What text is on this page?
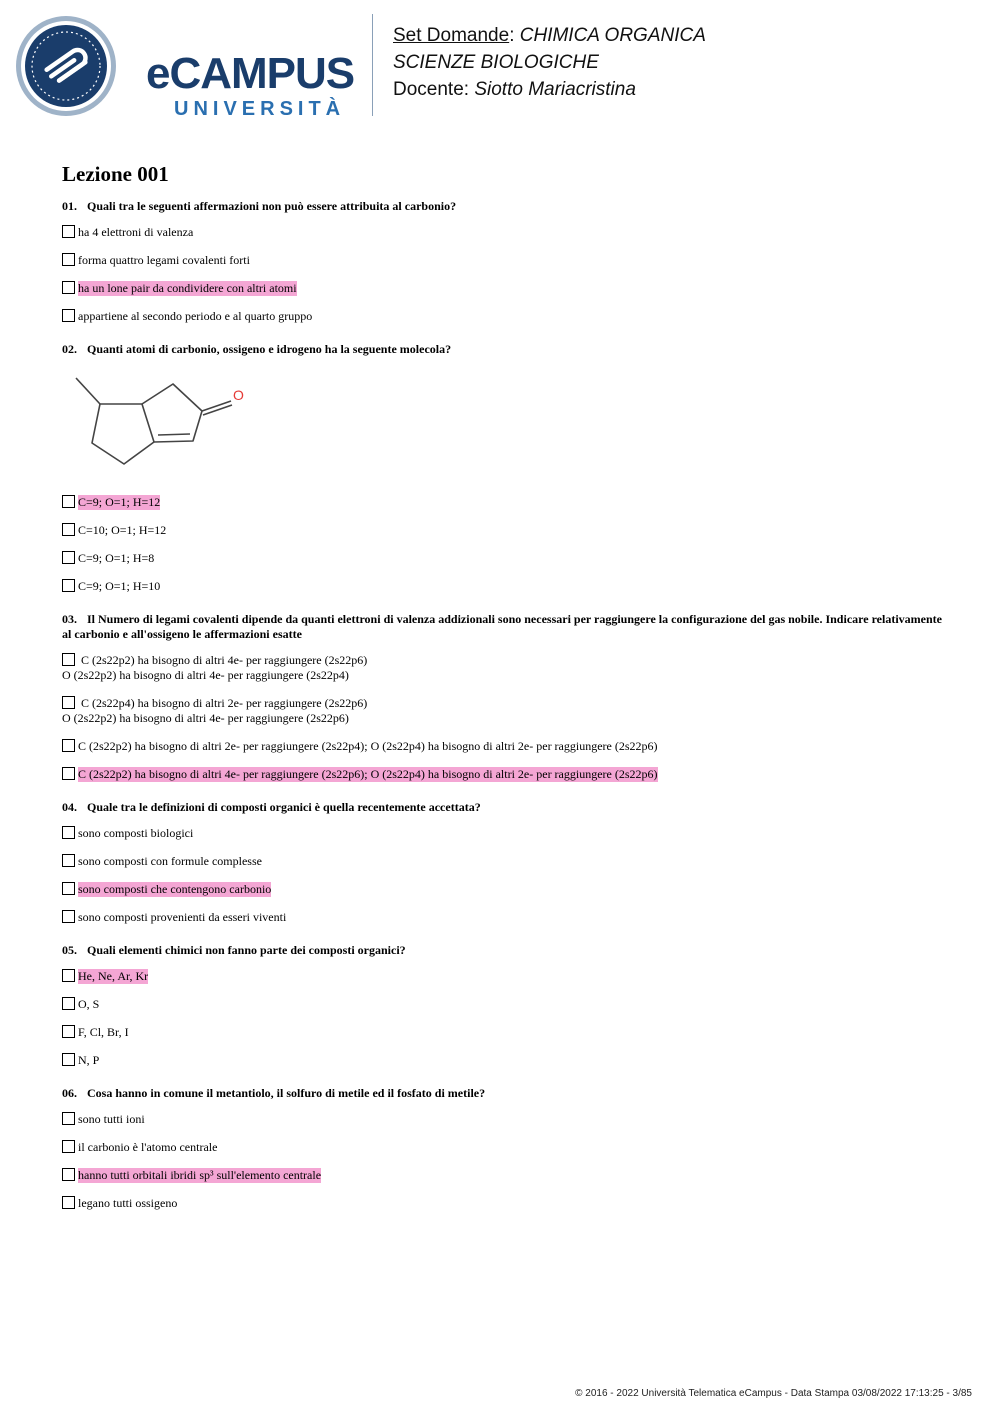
eCAMPUS
UNIVERSITÀ
Set Domande: CHIMICA ORGANICA
SCIENZE BIOLOGICHE
Docente: Siotto Mariacristina
Lezione 001
01. Quali tra le seguenti affermazioni non può essere attribuita al carbonio?
ha 4 elettroni di valenza
forma quattro legami covalenti forti
ha un lone pair da condividere con altri atomi
appartiene al secondo periodo e al quarto gruppo
02. Quanti atomi di carbonio, ossigeno e idrogeno ha la seguente molecola?
O
C=9; O=1; H=12
C=10; O=1; H=12
C=9; O=1; H=8
C=9; O=1; H=10
03. Il Numero di legami covalenti dipende da quanti elettroni di valenza addizionali sono necessari per raggiungere la configurazione del gas nobile. Indicare relativamente al carbonio e all'ossigeno le affermazioni esatte
C (2s22p2) ha bisogno di altri 4e- per raggiungere (2s22p6)
O (2s22p2) ha bisogno di altri 4e- per raggiungere (2s22p4)
C (2s22p4) ha bisogno di altri 2e- per raggiungere (2s22p6)
O (2s22p2) ha bisogno di altri 4e- per raggiungere (2s22p6)
C (2s22p2) ha bisogno di altri 2e- per raggiungere (2s22p4); O (2s22p4) ha bisogno di altri 2e- per raggiungere (2s22p6)
C (2s22p2) ha bisogno di altri 4e- per raggiungere (2s22p6); O (2s22p4) ha bisogno di altri 2e- per raggiungere (2s22p6)
04. Quale tra le definizioni di composti organici è quella recentemente accettata?
sono composti biologici
sono composti con formule complesse
sono composti che contengono carbonio
sono composti provenienti da esseri viventi
05. Quali elementi chimici non fanno parte dei composti organici?
He, Ne, Ar, Kr
O, S
F, Cl, Br, I
N, P
06. Cosa hanno in comune il metantiolo, il solfuro di metile ed il fosfato di metile?
sono tutti ioni
il carbonio è l'atomo centrale
hanno tutti orbitali ibridi sp³ sull'elemento centrale
legano tutti ossigeno
© 2016 - 2022 Università Telematica eCampus - Data Stampa 03/08/2022 17:13:25 - 3/85
